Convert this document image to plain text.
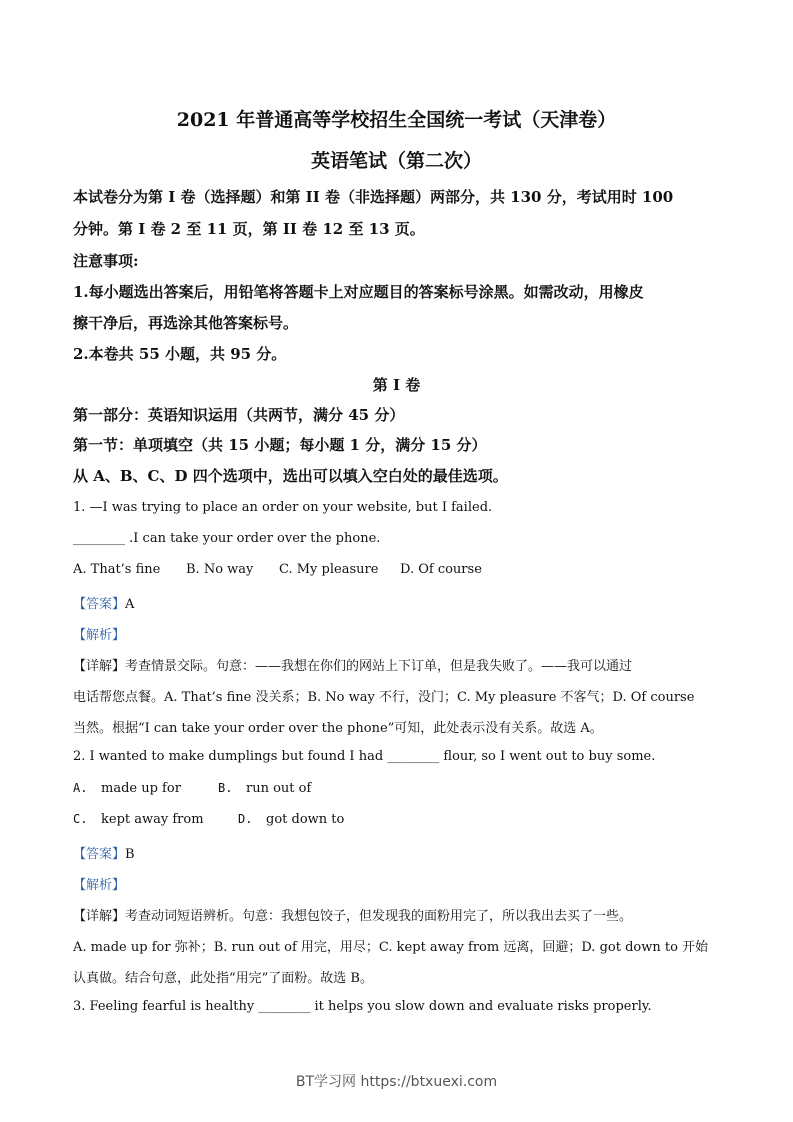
2021 年普通高等学校招生全国统一考试（天津卷）
英语笔试（第二次）
本试卷分为第 I 卷（选择题）和第 II 卷（非选择题）两部分，共 130 分，考试用时 100
分钟。第 I 卷 2 至 11 页，第 II 卷 12 至 13 页。
注意事项:
1.每小题选出答案后，用铅笔将答题卡上对应题目的答案标号涂黑。如需改动，用橡皮
擦干净后，再选涂其他答案标号。
2.本卷共 55 小题，共 95 分。
第 I 卷
第一部分：英语知识运用（共两节，满分 45 分）
第一节：单项填空（共 15 小题；每小题 1 分，满分 15 分）
从 A、B、C、D 四个选项中，选出可以填入空白处的最佳选项。
1. —I was trying to place an order on your website, but I failed.
________ .I can take your order over the phone.
A. That’s fine B. No way C. My pleasure D. Of course
【答案】A
【解析】
【详解】考查情景交际。句意：——我想在你们的网站上下订单，但是我失败了。——我可以通过
电话帮您点餐。A. That’s fine 没关系；B. No way 不行，没门；C. My pleasure 不客气；D. Of course
当然。根据“I can take your order over the phone”可知，此处表示没有关系。故选 A。
2. I wanted to make dumplings but found I had ________ flour, so I went out to buy some.
A. made up for	B. run out of
C. kept away from	D. got down to
【答案】B
【解析】
【详解】考查动词短语辨析。句意：我想包饺子，但发现我的面粉用完了，所以我出去买了一些。
A. made up for 弥补；B. run out of 用完，用尽；C. kept away from 远离，回避；D. got down to 开始
认真做。结合句意，此处指“用完”了面粉。故选 B。
3. Feeling fearful is healthy ________ it helps you slow down and evaluate risks properly.
BT学习网 https://btxuexi.com
